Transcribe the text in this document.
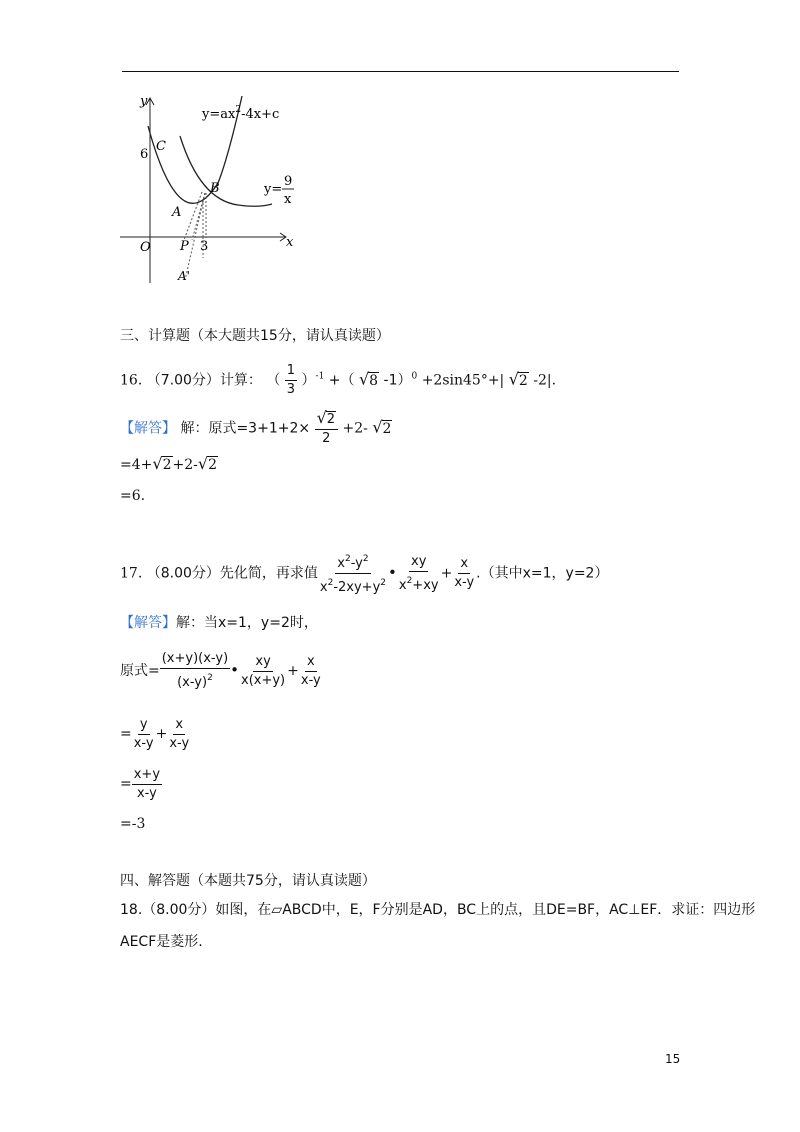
y
x
O
6
C
B
A
P 3
A'
$y=ax^2-4x+c$
y=
9
x
三、计算题（本大题共15分，请认真读题）
16. （7.00分）计算： （ $\frac{1}{3} )^{-1}$ +（ √8 -1）$^0$ +2sin45°+| √2 -2|.
【解答】 解：原式$=3+1+2\times \frac{√2}{2} +2-$ √2
=4+√2+2-√2
=6.
17. （8.00分）先化简，再求值 $\frac{x^2-y^2}{x^2-2xy+y^2}$ • $\frac{xy}{x^2+xy} + \frac{x}{x-y}$ .（其中x=1，y=2）
【解答】解：当x=1，y=2时，
原式= $\frac{(x+y)(x-y)}{(x-y)^2}$ • $\frac{xy}{x(x+y)} + \frac{x}{x-y}$
= $\frac{y}{x-y} + \frac{x}{x-y}$
= $\frac{x+y}{x-y}$
=-3
四、解答题（本题共75分，请认真读题）
18.（8.00分）如图，在▱ABCD中，E，F分别是AD，BC上的点，且DE=BF，AC⊥EF．求证：四边形
AECF是菱形.
15
